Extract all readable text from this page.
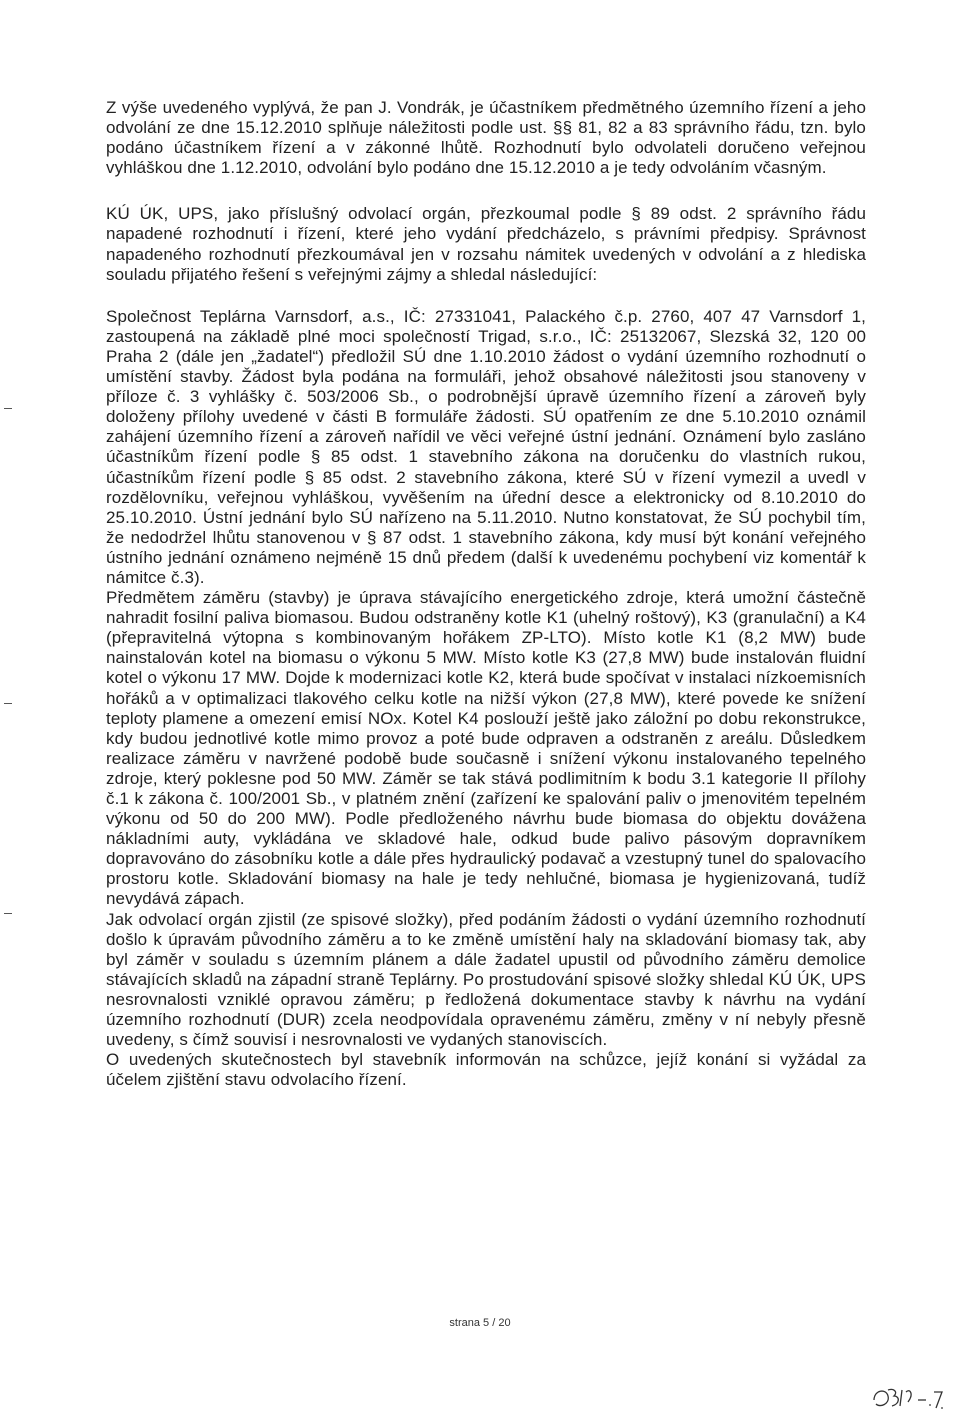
Z výše uvedeného vyplývá, že pan J. Vondrák, je účastníkem předmětného územního řízení a jeho odvolání ze dne 15.12.2010 splňuje náležitosti podle ust. §§ 81, 82 a 83 správního řádu, tzn. bylo podáno účastníkem řízení a v zákonné lhůtě. Rozhodnutí bylo odvolateli doručeno veřejnou vyhláškou dne 1.12.2010, odvolání bylo podáno dne 15.12.2010 a je tedy odvoláním včasným.

KÚ ÚK, UPS, jako příslušný odvolací orgán, přezkoumal podle § 89 odst. 2 správního řádu napadené rozhodnutí i řízení, které jeho vydání předcházelo, s právními předpisy. Správnost napadeného rozhodnutí přezkoumával jen v rozsahu námitek uvedených v odvolání a z hlediska souladu přijatého řešení s veřejnými zájmy a shledal následující:

Společnost Teplárna Varnsdorf, a.s., IČ: 27331041, Palackého č.p. 2760, 407 47 Varnsdorf 1, zastoupená na základě plné moci společností Trigad, s.r.o., IČ: 25132067, Slezská 32, 120 00 Praha 2 (dále jen „žadatel“) předložil SÚ dne 1.10.2010 žádost o vydání územního rozhodnutí o umístění stavby. Žádost byla podána na formuláři, jehož obsahové náležitosti jsou stanoveny v příloze č. 3 vyhlášky č. 503/2006 Sb., o podrobnější úpravě územního řízení a zároveň byly doloženy přílohy uvedené v části B formuláře žádosti. SÚ opatřením ze dne 5.10.2010 oznámil zahájení územního řízení a zároveň nařídil ve věci veřejné ústní jednání. Oznámení bylo zasláno účastníkům řízení podle § 85 odst. 1 stavebního zákona na doručenku do vlastních rukou, účastníkům řízení podle § 85 odst. 2 stavebního zákona, které SÚ v řízení vymezil a uvedl v rozdělovníku, veřejnou vyhláškou, vyvěšením na úřední desce a elektronicky od 8.10.2010 do 25.10.2010. Ústní jednání bylo SÚ nařízeno na 5.11.2010. Nutno konstatovat, že SÚ pochybil tím, že nedodržel lhůtu stanovenou v § 87 odst. 1 stavebního zákona, kdy musí být konání veřejného ústního jednání oznámeno nejméně 15 dnů předem (další k uvedenému pochybení viz komentář k námitce č.3).

Předmětem záměru (stavby) je úprava stávajícího energetického zdroje, která umožní částečně nahradit fosilní paliva biomasou. Budou odstraněny kotle K1 (uhelný roštový), K3 (granulační) a K4 (přepravitelná výtopna s kombinovaným hořákem ZP-LTO). Místo kotle K1 (8,2 MW) bude nainstalován kotel na biomasu o výkonu 5 MW. Místo kotle K3 (27,8 MW) bude instalován fluidní kotel o výkonu 17 MW. Dojde k modernizaci kotle K2, která bude spočívat v instalaci nízkoemisních hořáků a v optimalizaci tlakového celku kotle na nižší výkon (27,8 MW), které povede ke snížení teploty plamene a omezení emisí NOx. Kotel K4 poslouží ještě jako záložní po dobu rekonstrukce, kdy budou jednotlivé kotle mimo provoz a poté bude odpraven a odstraněn z areálu. Důsledkem realizace záměru v navržené podobě bude současně i snížení výkonu instalovaného tepelného zdroje, který poklesne pod 50 MW. Záměr se tak stává podlimitním k bodu 3.1 kategorie II přílohy č.1 k zákona č. 100/2001 Sb., v platném znění (zařízení ke spalování paliv o jmenovitém tepelném výkonu od 50 do 200 MW). Podle předloženého návrhu bude biomasa do objektu dovážena nákladními auty, vykládána ve skladové hale, odkud bude palivo pásovým dopravníkem dopravováno do zásobníku kotle a dále přes hydraulický podavač a vzestupný tunel do spalovacího prostoru kotle. Skladování biomasy na hale je tedy nehlučné, biomasa je hygienizovaná, tudíž nevydává zápach.

Jak odvolací orgán zjistil (ze spisové složky), před podáním žádosti o vydání územního rozhodnutí došlo k úpravám původního záměru a to ke změně umístění haly na skladování biomasy tak, aby byl záměr v souladu s územním plánem a dále žadatel upustil od původního záměru demolice stávajících skladů na západní straně Teplárny. Po prostudování spisové složky shledal KÚ ÚK, UPS nesrovnalosti vzniklé opravou záměru; p ředložená dokumentace stavby k návrhu na vydání územního rozhodnutí (DUR) zcela neodpovídala opravenému záměru, změny v ní nebyly přesně uvedeny, s čímž souvisí i nesrovnalosti ve vydaných stanoviscích.

O uvedených skutečnostech byl stavebník informován na schůzce, jejíž konání si vyžádal za účelem zjištění stavu odvolacího řízení.

strana 5 / 20
